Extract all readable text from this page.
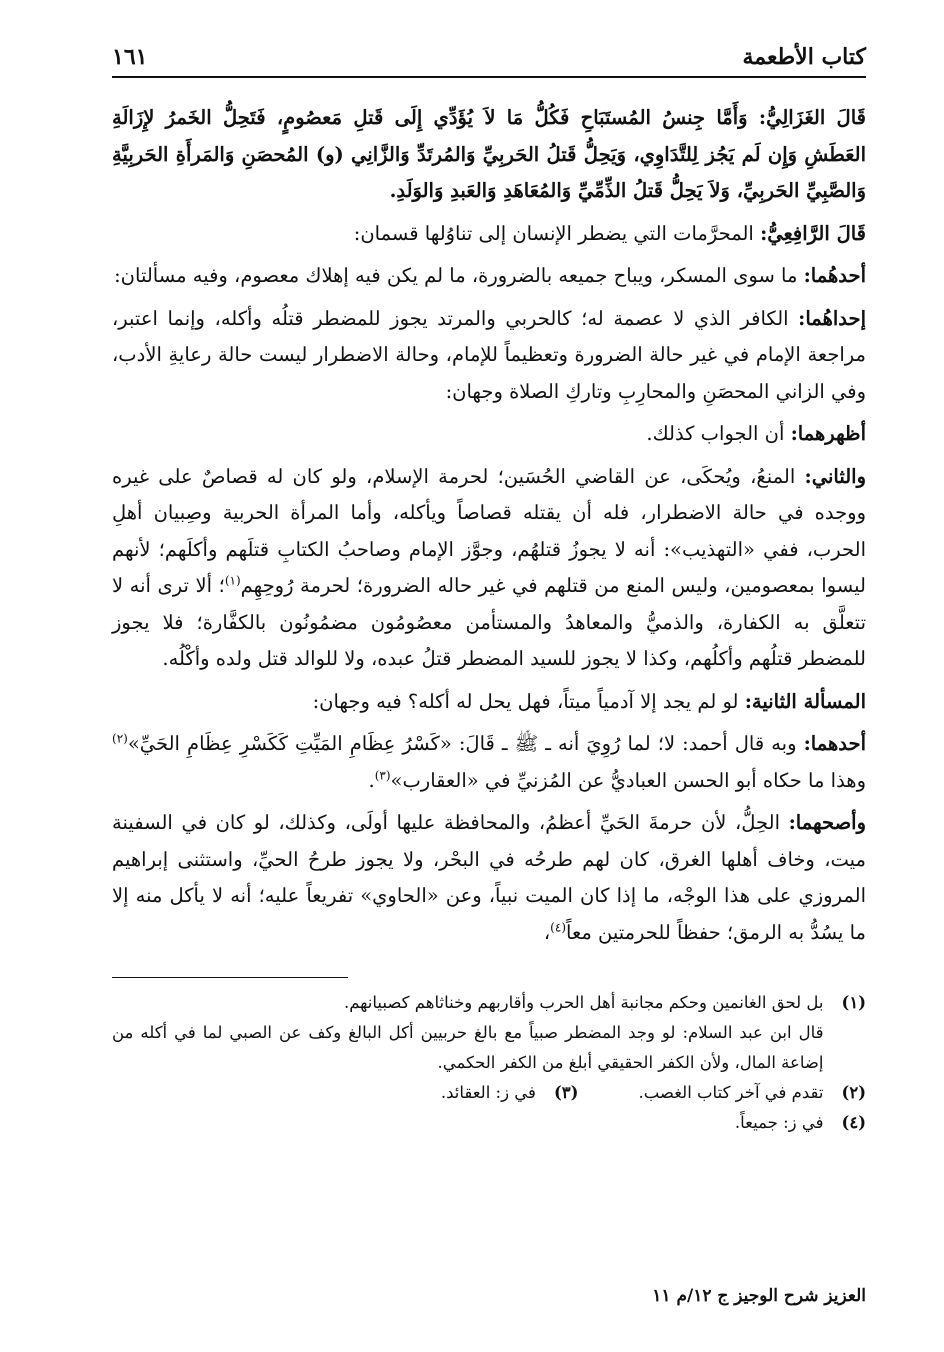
كتاب الأطعمة
١٦١

قَالَ الغَزَالِيُّ: وَأَمَّا جِنسُ المُستَبَاحِ فَكُلُّ مَا لاَ يُؤَدِّي إِلَى قَتلِ مَعصُومٍ، فَتَحِلُّ الخَمرُ لإِزَالَةِ العَطَشِ وَإِن لَم يَجُز لِلتَّدَاوِي، وَيَحِلُّ قَتلُ الحَربِيِّ وَالمُرتَدِّ وَالزَّانِي (و) المُحصَنِ وَالمَرأَةِ الحَربِيَّةِ وَالصَّبِيِّ الحَربِيِّ، وَلاَ يَحِلُّ قَتلُ الذِّمِّيِّ وَالمُعَاهَدِ وَالعَبدِ وَالوَلَدِ.

قَالَ الرَّافِعِيُّ: المحرَّمات التي يضطر الإنسان إلى تناوُلها قسمان:

أحدهُما: ما سوى المسكر، ويباح جميعه بالضرورة، ما لم يكن فيه إهلاك معصوم، وفيه مسألتان:

إحداهُما: الكافر الذي لا عصمة له؛ كالحربي والمرتد يجوز للمضطر قتلُه وأكله، وإنما اعتبر، مراجعة الإمام في غير حالة الضرورة وتعظيماً للإمام، وحالة الاضطرار ليست حالة رعايةِ الأدب، وفي الزاني المحصَنِ والمحارِبِ وتاركِ الصلاة وجهان:

أظهرهما: أن الجواب كذلك.

والثاني: المنعُ، ويُحكَى، عن القاضي الحُسَين؛ لحرمة الإسلام، ولو كان له قصاصٌ على غيره ووجده في حالة الاضطرار، فله أن يقتله قصاصاً ويأكله، وأما المرأة الحربية وصِبيان أهلِ الحرب، ففي «التهذيب»: أنه لا يجوزُ قتلهُم، وجوَّز الإمام وصاحبُ الكتابِ قتلَهم وأكلَهم؛ لأنهم ليسوا بمعصومين، وليس المنع من قتلهم في غير حاله الضرورة؛ لحرمة رُوحِهِم$^{(١)}$؛ ألا ترى أنه لا تتعلَّق به الكفارة، والذميُّ والمعاهدُ والمستأمن معصُومُون مضمُونُون بالكفَّارة؛ فلا يجوز للمضطر قتلُهم وأكلُهم، وكذا لا يجوز للسيد المضطر قتلُ عبده، ولا للوالد قتل ولده وأكْلُه.

المسألة الثانية: لو لم يجد إلا آدمياً ميتاً، فهل يحل له أكله؟ فيه وجهان:

أحدهما: وبه قال أحمد: لا؛ لما رُوِيَ أنه ـ ﷺ ـ قَالَ: «كَسْرُ عِظَامِ المَيِّتِ كَكَسْرِ عِظَامِ الحَيِّ»$^{(٢)}$ وهذا ما حكاه أبو الحسن العباديُّ عن المُزنيِّ في «العقارب»$^{(٣)}$.

وأصحهما: الحِلُّ، لأن حرمةَ الحَيِّ أعظمُ، والمحافظة عليها أولَى، وكذلك، لو كان في السفينة ميت، وخاف أهلها الغرق، كان لهم طرحُه في البحْر، ولا يجوز طرحُ الحيِّ، واستثنى إبراهيم المروزي على هذا الوجْه، ما إذا كان الميت نبياً، وعن «الحاوي» تفريعاً عليه؛ أنه لا يأكل منه إلا ما يسُدُّ به الرمق؛ حفظاً للحرمتين معاً$^{(٤)}$،

(١)
بل لحق الغانمين وحكم مجانبة أهل الحرب وأقاربهم وخناثاهم كصبيانهم.
قال ابن عبد السلام: لو وجد المضطر صبياً مع بالغ حربيين أكل البالغ وكف عن الصبي لما في أكله من إضاعة المال، ولأن الكفر الحقيقي أبلغ من الكفر الحكمي.
(٢)
تقدم في آخر كتاب الغصب.
(٣)
في ز: العقائد.
(٤)
في ز: جميعاً.
العزيز شرح الوجيز ج ١٢/م ١١
